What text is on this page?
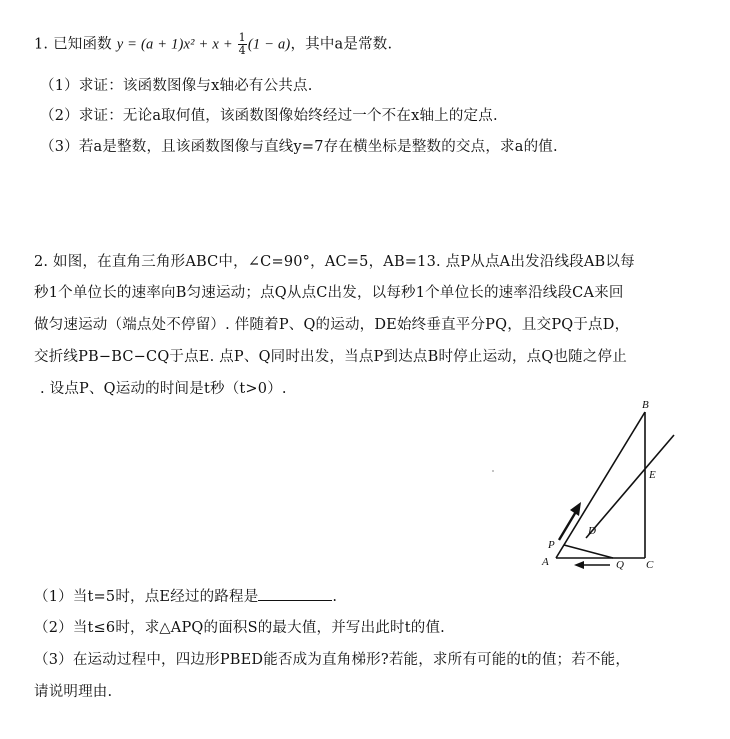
1. 已知函数 $y = (a + 1)x^2 + x + \frac{1}{4} (1 - a)$，其中a是常数.
（1）求证：该函数图像与x轴必有公共点.
（2）求证：无论a取何值，该函数图像始终经过一个不在x轴上的定点.
（3）若a是整数，且该函数图像与直线y=7存在横坐标是整数的交点，求a的值.
2. 如图，在直角三角形ABC中，∠C=90°，AC=5，AB=13. 点P从点A出发沿线段AB以每
秒1个单位长的速率向B匀速运动；点Q从点C出发，以每秒1个单位长的速率沿线段CA来回
做匀速运动（端点处不停留）. 伴随着P、Q的运动，DE始终垂直平分PQ，且交PQ于点D，
交折线PB−BC−CQ于点E. 点P、Q同时出发，当点P到达点B时停止运动，点Q也随之停止
. 设点P、Q运动的时间是t秒（t>0）.
B
E
D
P
A	Q C
（1）当t=5时，点E经过的路程是	.
（2）当t≤6时，求△APQ的面积S的最大值，并写出此时t的值.
（3）在运动过程中，四边形PBED能否成为直角梯形?若能，求所有可能的t的值；若不能，
请说明理由.
